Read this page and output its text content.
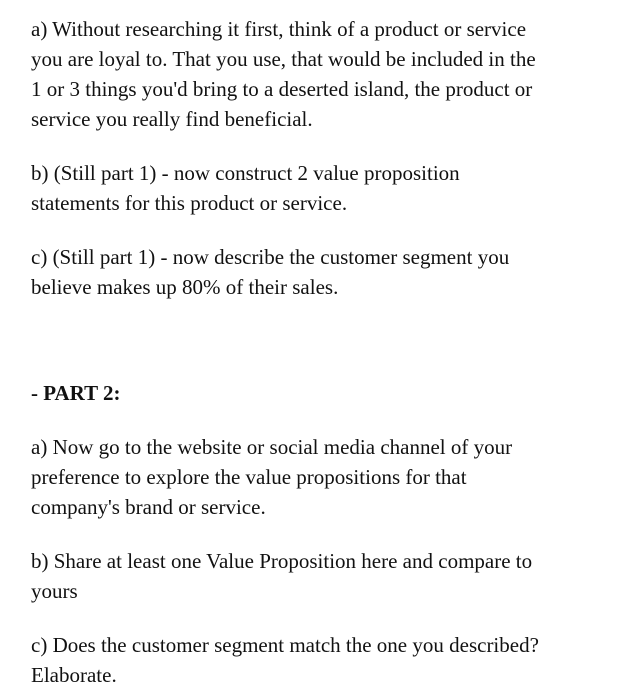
a) Without researching it first, think of a product or service
you are loyal to. That you use, that would be included in the
1 or 3 things you'd bring to a deserted island, the product or
service you really find beneficial.

b) (Still part 1) - now construct 2 value proposition
statements for this product or service.

c) (Still part 1) - now describe the customer segment you
believe makes up 80% of their sales.

- PART 2:

a) Now go to the website or social media channel of your
preference to explore the value propositions for that
company's brand or service.

b) Share at least one Value Proposition here and compare to
yours

c) Does the customer segment match the one you described?
Elaborate.
